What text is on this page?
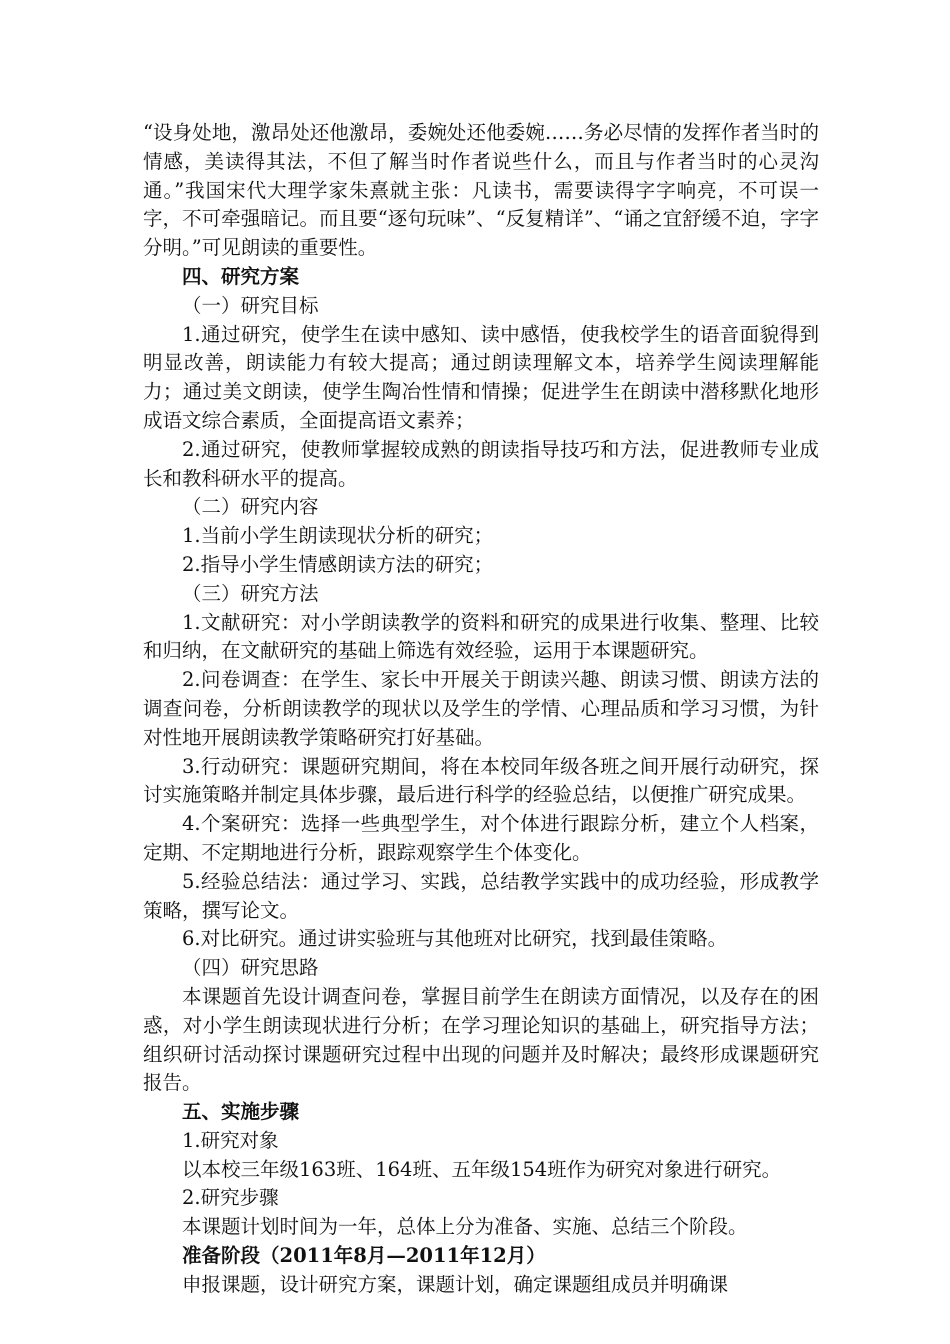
“设身处地，激昂处还他激昂，委婉处还他委婉……务必尽情的发挥作者当时的情感，美读得其法，不但了解当时作者说些什么，而且与作者当时的心灵沟通。”我国宋代大理学家朱熹就主张：凡读书，需要读得字字响亮，不可误一字，不可牵强暗记。而且要“逐句玩味”、“反复精详”、“诵之宜舒缓不迫，字字分明。”可见朗读的重要性。

四、研究方案

（一）研究目标

1.通过研究，使学生在读中感知、读中感悟，使我校学生的语音面貌得到明显改善，朗读能力有较大提高；通过朗读理解文本，培养学生阅读理解能力；通过美文朗读，使学生陶冶性情和情操；促进学生在朗读中潜移默化地形成语文综合素质，全面提高语文素养；

2.通过研究，使教师掌握较成熟的朗读指导技巧和方法，促进教师专业成长和教科研水平的提高。

（二）研究内容

1.当前小学生朗读现状分析的研究；

2.指导小学生情感朗读方法的研究；

（三）研究方法

1.文献研究：对小学朗读教学的资料和研究的成果进行收集、整理、比较和归纳，在文献研究的基础上筛选有效经验，运用于本课题研究。

2.问卷调查：在学生、家长中开展关于朗读兴趣、朗读习惯、朗读方法的调查问卷，分析朗读教学的现状以及学生的学情、心理品质和学习习惯，为针对性地开展朗读教学策略研究打好基础。

3.行动研究：课题研究期间，将在本校同年级各班之间开展行动研究，探讨实施策略并制定具体步骤，最后进行科学的经验总结，以便推广研究成果。

4.个案研究：选择一些典型学生，对个体进行跟踪分析，建立个人档案，定期、不定期地进行分析，跟踪观察学生个体变化。

5.经验总结法：通过学习、实践，总结教学实践中的成功经验，形成教学策略，撰写论文。

6.对比研究。通过讲实验班与其他班对比研究，找到最佳策略。

（四）研究思路

本课题首先设计调查问卷，掌握目前学生在朗读方面情况，以及存在的困惑，对小学生朗读现状进行分析；在学习理论知识的基础上，研究指导方法；组织研讨活动探讨课题研究过程中出现的问题并及时解决；最终形成课题研究报告。

五、实施步骤

1.研究对象

以本校三年级163班、164班、五年级154班作为研究对象进行研究。

2.研究步骤

本课题计划时间为一年，总体上分为准备、实施、总结三个阶段。

准备阶段（2011年8月—2011年12月）

申报课题，设计研究方案，课题计划，确定课题组成员并明确课
